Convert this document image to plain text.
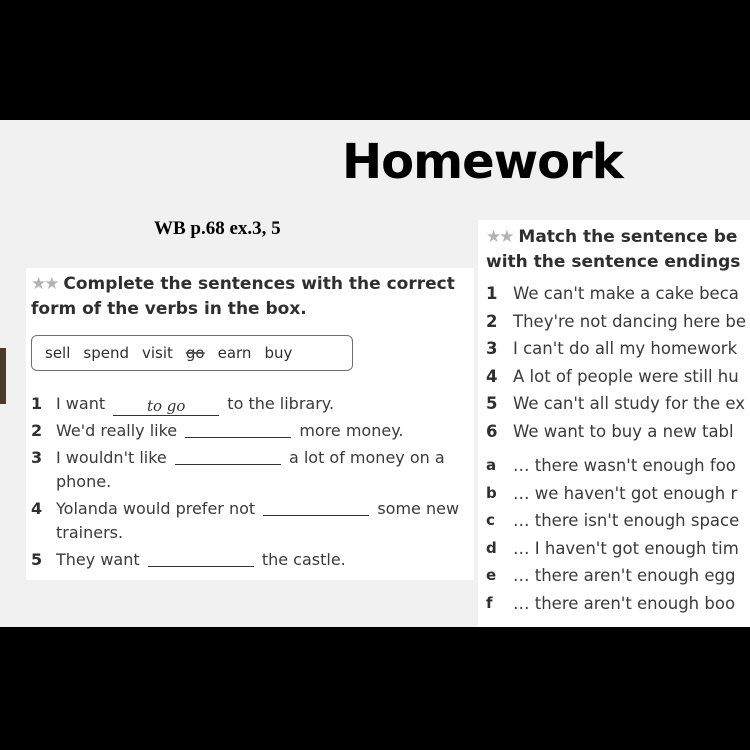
Homework
WB p.68 ex.3, 5
★★ Complete the sentences with the correct
form of the verbs in the box.
sell spend visit go earn buy
1 I want	to go	to the library.
2 We'd really like	more money.
3 I wouldn't like	a lot of money on a phone.
4 Yolanda would prefer not	some new trainers.
5 They want	the castle.
★★ Match the sentence be
with the sentence endings
1 We can't make a cake beca
2 They're not dancing here be
3 I can't do all my homework
4 A lot of people were still hu
5 We can't all study for the ex
6 We want to buy a new tabl
a … there wasn't enough foo
b … we haven't got enough r
c … there isn't enough space
d … I haven't got enough tim
e … there aren't enough egg
f … there aren't enough boo
